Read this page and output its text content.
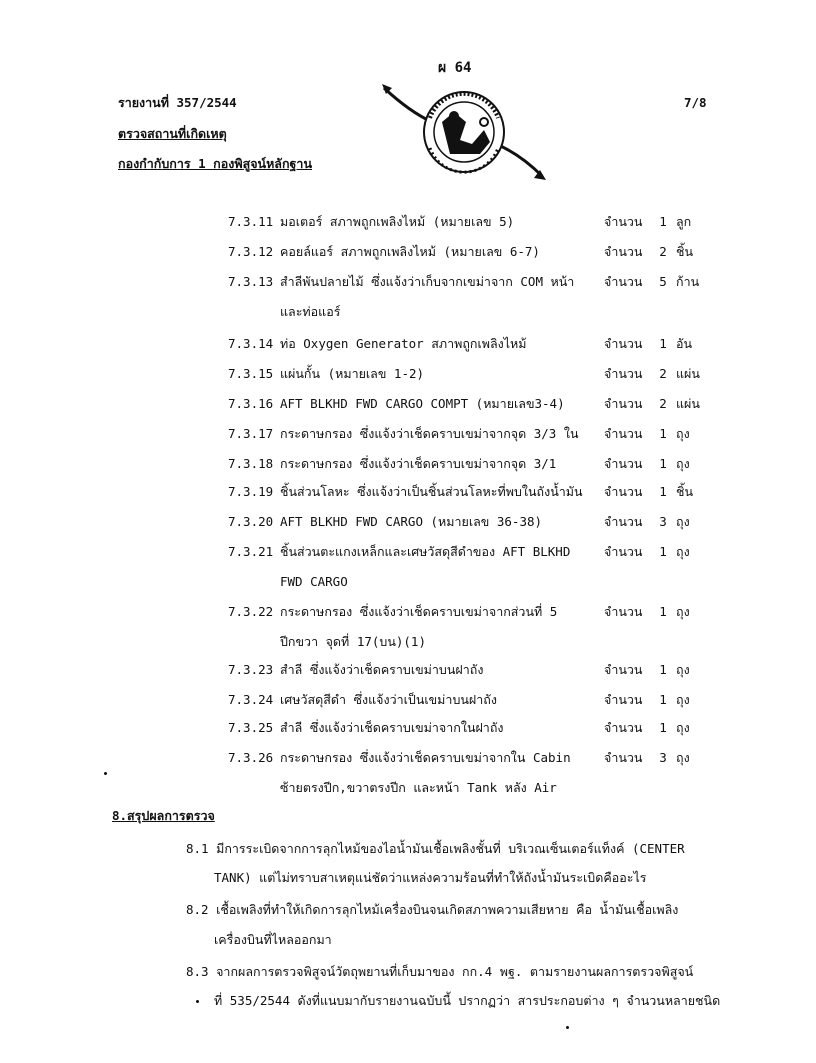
ผ 64
รายงานที่ 357/2544	7/8
ตรวจสถานที่เกิดเหตุ
กองกำกับการ 1 กองพิสูจน์หลักฐาน
7.3.11 มอเตอร์ สภาพถูกเพลิงไหม้ (หมายเลข 5)	จำนวน 1 ลูก
7.3.12 คอยล์แอร์ สภาพถูกเพลิงไหม้ (หมายเลข 6-7)	จำนวน 2 ชิ้น
7.3.13 สำลีพันปลายไม้ ซึ่งแจ้งว่าเก็บจากเขม่าจาก COM หน้า
และท่อแอร์
จำนวน 5 ก้าน
7.3.14 ท่อ Oxygen Generator สภาพถูกเพลิงไหม้	จำนวน 1 อัน
7.3.15 แผ่นกั้น (หมายเลข 1-2)	จำนวน 2 แผ่น
7.3.16 AFT BLKHD FWD CARGO COMPT (หมายเลข3-4)	จำนวน 2 แผ่น
7.3.17 กระดาษกรอง ซึ่งแจ้งว่าเช็ดคราบเขม่าจากจุด 3/3 ใน จำนวน 1 ถุง
7.3.18 กระดาษกรอง ซึ่งแจ้งว่าเช็ดคราบเขม่าจากจุด 3/1	จำนวน 1 ถุง
7.3.19 ชิ้นส่วนโลหะ ซึ่งแจ้งว่าเป็นชิ้นส่วนโลหะที่พบในถังน้ำมัน จำนวน 1 ชิ้น
7.3.20 AFT BLKHD FWD CARGO (หมายเลข 36-38)	จำนวน 3 ถุง
7.3.21 ชิ้นส่วนตะแกงเหล็กและเศษวัสดุสีดำของ AFT BLKHD
FWD CARGO
จำนวน 1 ถุง
7.3.22 กระดาษกรอง ซึ่งแจ้งว่าเช็ดคราบเขม่าจากส่วนที่ 5
ปีกขวา จุดที่ 17(บน)(1)
จำนวน 1 ถุง
7.3.23 สำลี ซึ่งแจ้งว่าเช็ดคราบเขม่าบนฝาถัง	จำนวน 1 ถุง
7.3.24 เศษวัสดุสีดำ ซึ่งแจ้งว่าเป็นเขม่าบนฝาถัง	จำนวน 1 ถุง
7.3.25 สำลี ซึ่งแจ้งว่าเช็ดคราบเขม่าจากในฝาถัง	จำนวน 1 ถุง
7.3.26 กระดาษกรอง ซึ่งแจ้งว่าเช็ดคราบเขม่าจากใน Cabin
ซ้ายตรงปีก,ขวาตรงปีก และหน้า Tank หลัง Air
จำนวน 3 ถุง
8.สรุปผลการตรวจ
8.1 มีการระเบิดจากการลุกไหม้ของไอน้ำมันเชื้อเพลิงชั้นที่ บริเวณเซ็นเตอร์แท็งค์ (CENTER
TANK) แต่ไม่ทราบสาเหตุแน่ชัดว่าแหล่งความร้อนที่ทำให้ถังน้ำมันระเบิดคืออะไร
8.2 เชื้อเพลิงที่ทำให้เกิดการลุกไหม้เครื่องบินจนเกิดสภาพความเสียหาย คือ น้ำมันเชื้อเพลิง
เครื่องบินที่ไหลออกมา
8.3 จากผลการตรวจพิสูจน์วัตถุพยานที่เก็บมาของ กก.4 พฐ. ตามรายงานผลการตรวจพิสูจน์
ที่ 535/2544 ดังที่แนบมากับรายงานฉบับนี้ ปรากฏว่า สารประกอบต่าง ๆ จำนวนหลายชนิด
